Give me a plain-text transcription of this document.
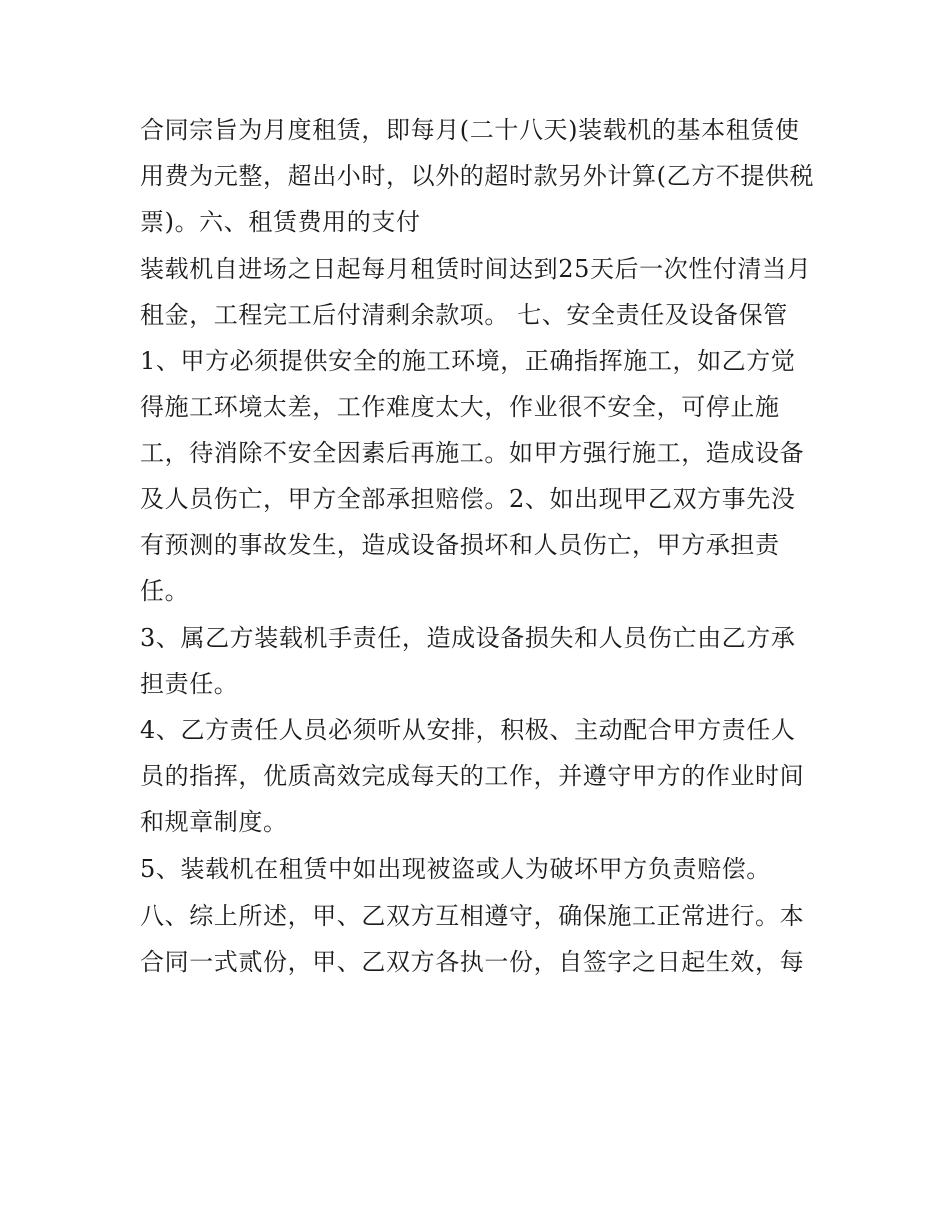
合同宗旨为月度租赁，即每月(二十八天)装载机的基本租赁使用费为元整，超出小时，以外的超时款另外计算(乙方不提供税票)。六、租赁费用的支付

装载机自进场之日起每月租赁时间达到25天后一次性付清当月租金，工程完工后付清剩余款项。 七、安全责任及设备保管

1、甲方必须提供安全的施工环境，正确指挥施工，如乙方觉得施工环境太差，工作难度太大，作业很不安全，可停止施工，待消除不安全因素后再施工。如甲方强行施工，造成设备及人员伤亡，甲方全部承担赔偿。2、如出现甲乙双方事先没有预测的事故发生，造成设备损坏和人员伤亡，甲方承担责任。

3、属乙方装载机手责任，造成设备损失和人员伤亡由乙方承担责任。

4、乙方责任人员必须听从安排，积极、主动配合甲方责任人员的指挥，优质高效完成每天的工作，并遵守甲方的作业时间和规章制度。

5、装载机在租赁中如出现被盗或人为破坏甲方负责赔偿。

八、综上所述，甲、乙双方互相遵守，确保施工正常进行。本合同一式贰份，甲、乙双方各执一份，自签字之日起生效，每
